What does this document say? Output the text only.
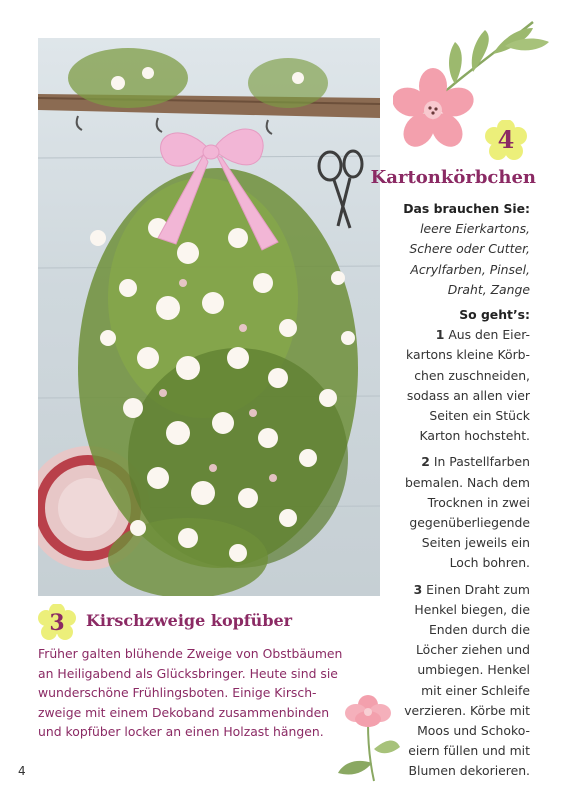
4
Kartonkörbchen
Das brauchen Sie:
leere Eierkartons,
Schere oder Cutter,
Acrylfarben, Pinsel,
Draht, Zange
So geht’s:
1 Aus den Eier-
kartons kleine Körb-
chen zuschneiden,
sodass an allen vier
Seiten ein Stück
Karton hochsteht.
2 In Pastellfarben
bemalen. Nach dem
Trocknen in zwei
gegenüberliegende
Seiten jeweils ein
Loch bohren.
3 Einen Draht zum
Henkel biegen, die
Enden durch die
Löcher ziehen und
umbiegen. Henkel
mit einer Schleife
verzieren. Körbe mit
Moos und Schoko-
eiern füllen und mit
Blumen dekorieren.
3	Kirschzweige kopfüber
Früher galten blühende Zweige von Obstbäumen
an Heiligabend als Glücksbringer. Heute sind sie
wunderschöne Frühlingsboten. Einige Kirsch-
zweige mit einem Dekoband zusammenbinden
und kopfüber locker an einen Holzast hängen.
4
